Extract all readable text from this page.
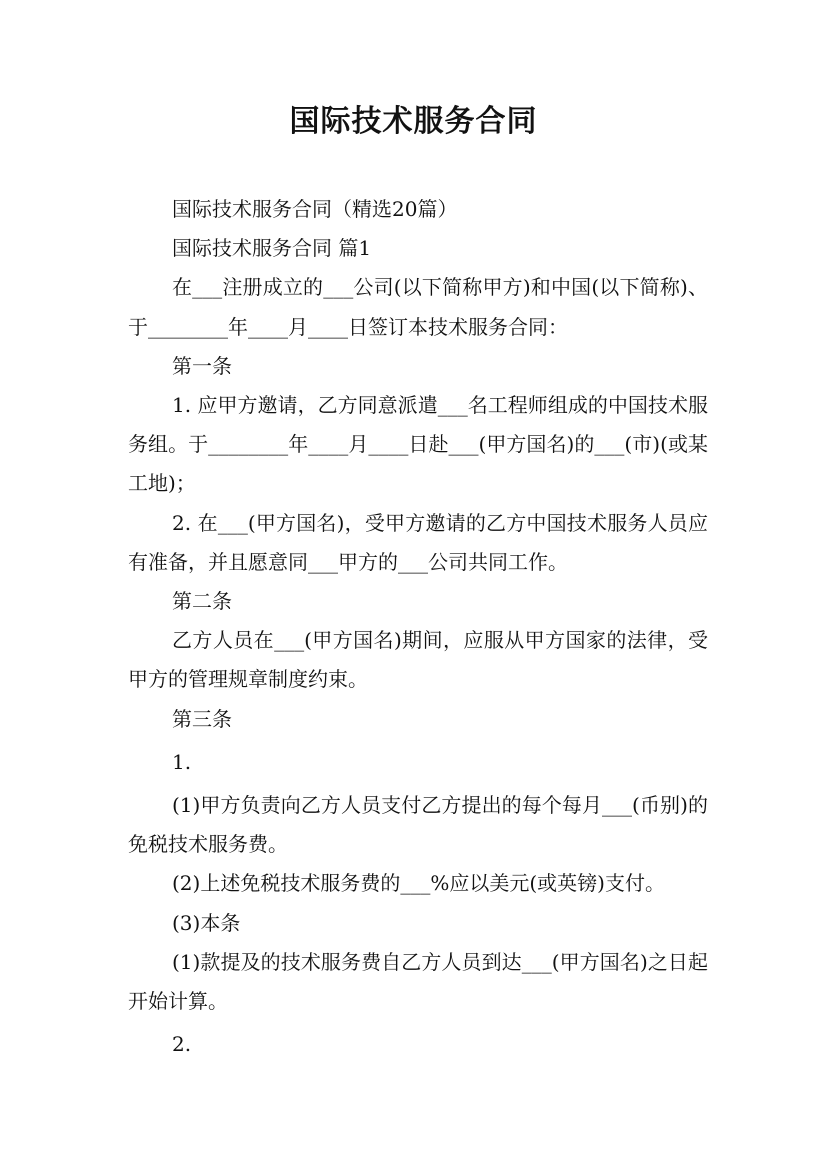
国际技术服务合同

国际技术服务合同（精选20篇）

国际技术服务合同 篇1

在___注册成立的___公司(以下简称甲方)和中国(以下简称)、于________年____月____日签订本技术服务合同：

第一条

1. 应甲方邀请，乙方同意派遣___名工程师组成的中国技术服务组。于________年____月____日赴___(甲方国名)的___(市)(或某工地)；

2. 在___(甲方国名)，受甲方邀请的乙方中国技术服务人员应有准备，并且愿意同___甲方的___公司共同工作。

第二条

乙方人员在___(甲方国名)期间，应服从甲方国家的法律，受甲方的管理规章制度约束。

第三条

1.

(1)甲方负责向乙方人员支付乙方提出的每个每月___(币别)的免税技术服务费。

(2)上述免税技术服务费的___%应以美元(或英镑)支付。

(3)本条

(1)款提及的技术服务费自乙方人员到达___(甲方国名)之日起开始计算。

2.
